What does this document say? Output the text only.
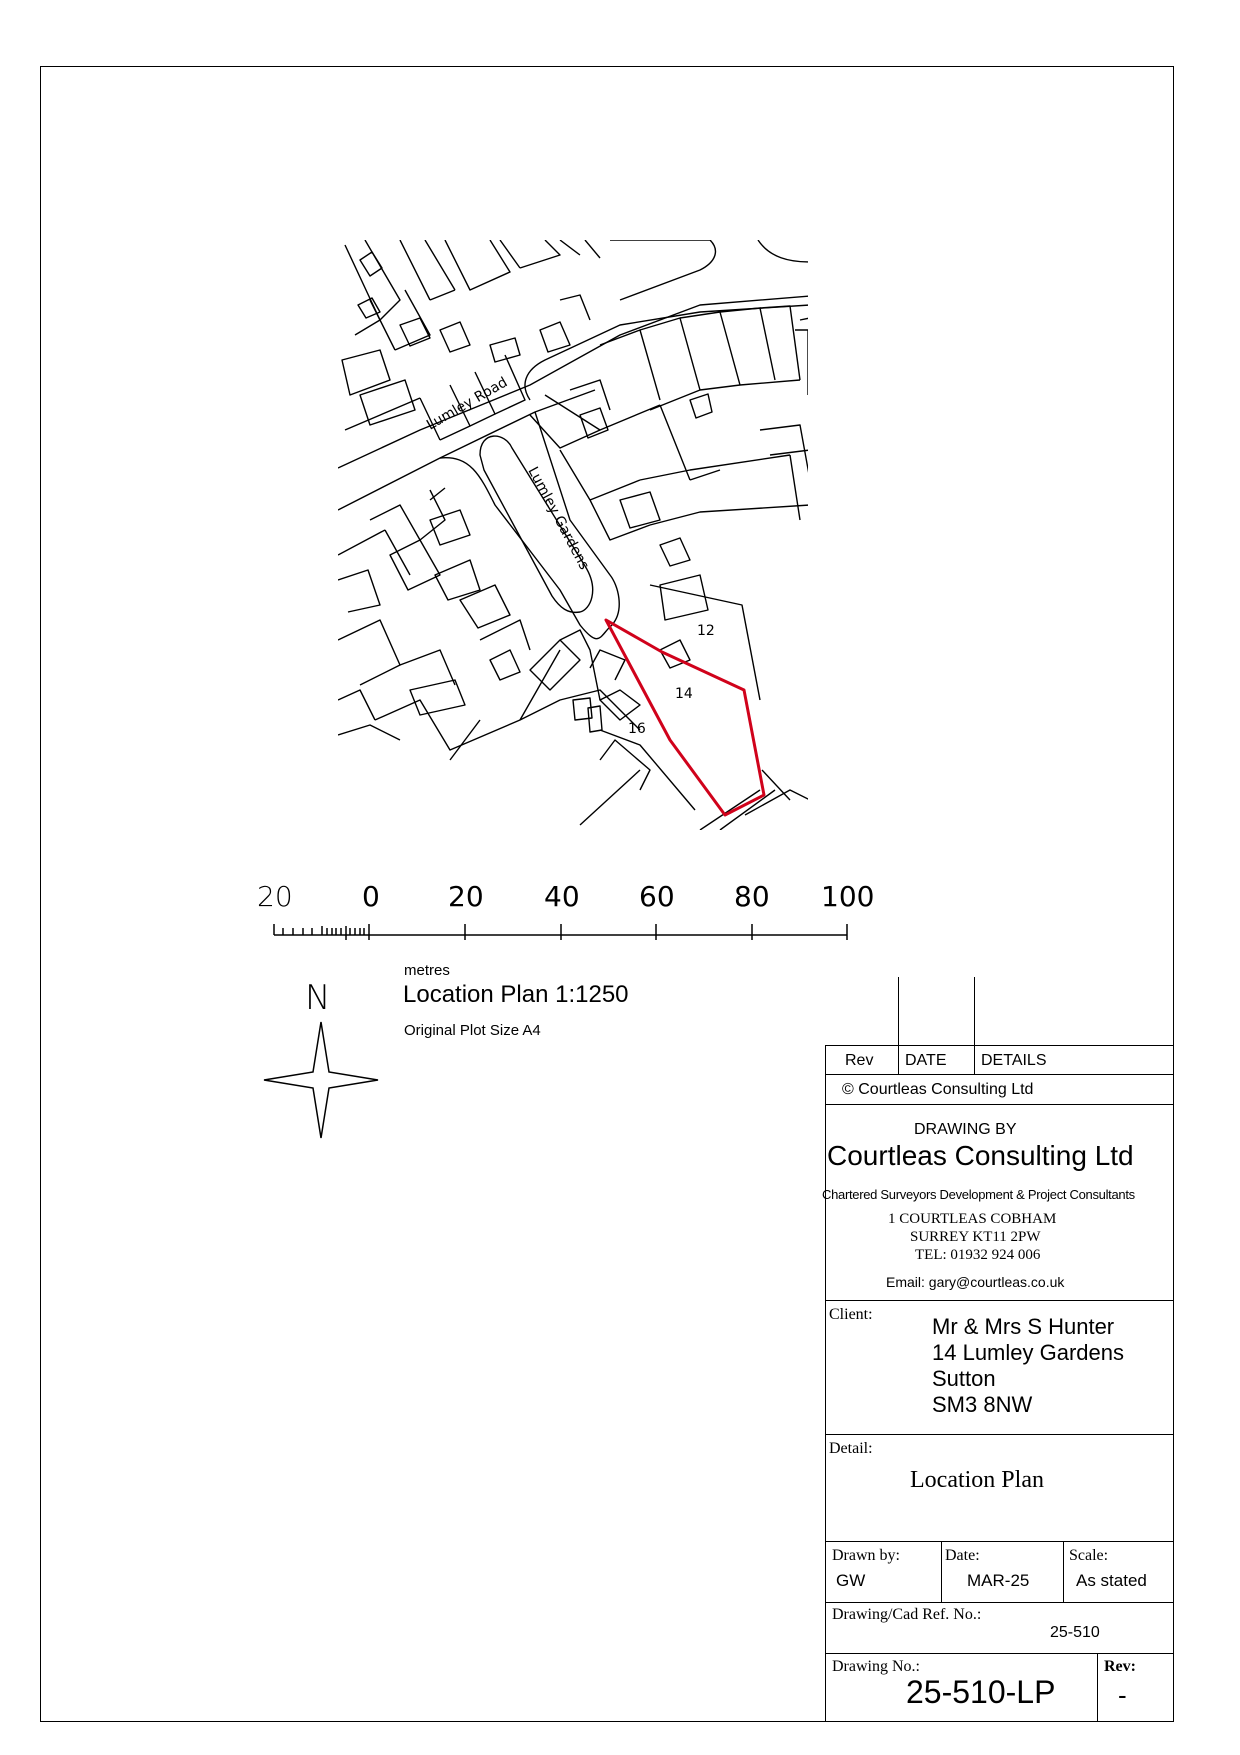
Lumley Road
Lumley Gardens
12
14
16
20 0 20 40 60 80 100
metres
Location Plan 1:1250
Original Plot Size A4
N
Rev DATE DETAILS
© Courtleas Consulting Ltd
DRAWING BY
Courtleas Consulting Ltd
Chartered Surveyors Development & Project Consultants
1 COURTLEAS COBHAM
SURREY KT11 2PW
TEL: 01932 924 006
Email: gary@courtleas.co.uk
Client:	Mr & Mrs S Hunter
14 Lumley Gardens
Sutton
SM3 8NW
Detail:
Location Plan
Drawn by:
GW
Date:
MAR-25
Scale:
As stated
Drawing/Cad Ref. No.:
25-510
Drawing No.:
25-510-LP
Rev:
-
